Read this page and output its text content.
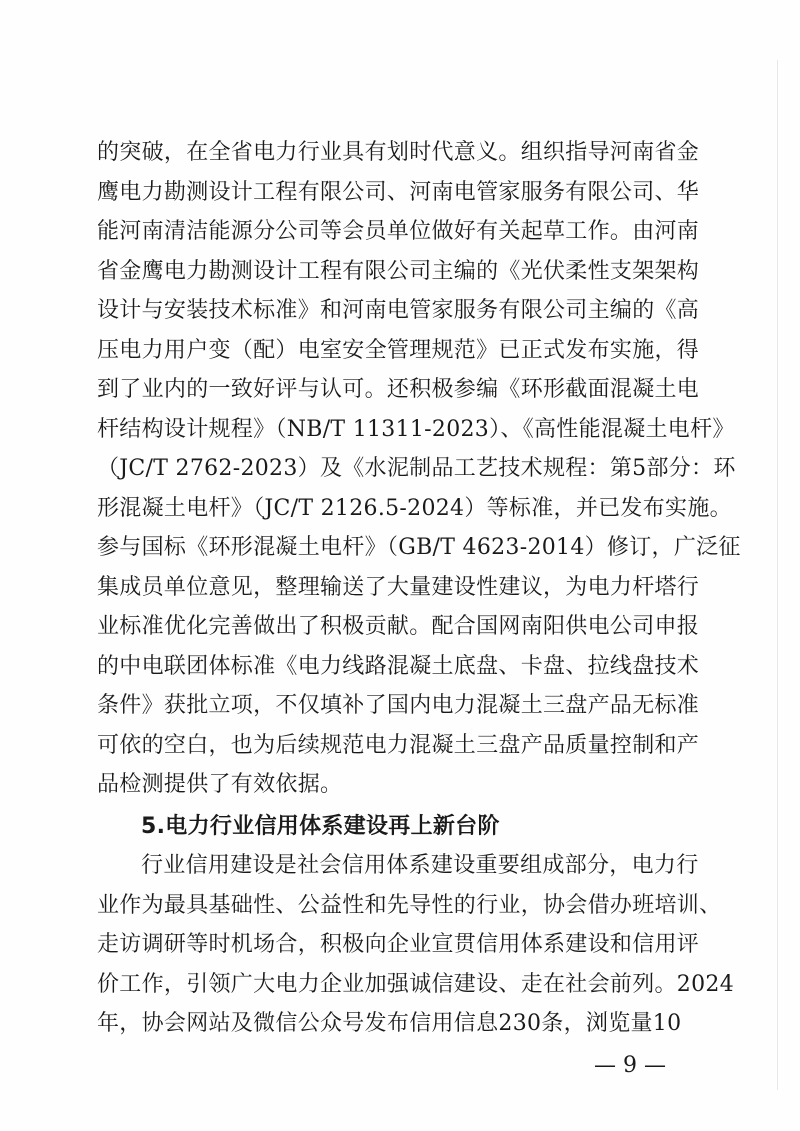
的突破，在全省电力行业具有划时代意义。组织指导河南省金
鹰电力勘测设计工程有限公司、河南电管家服务有限公司、华
能河南清洁能源分公司等会员单位做好有关起草工作。由河南
省金鹰电力勘测设计工程有限公司主编的《光伏柔性支架架构
设计与安装技术标准》和河南电管家服务有限公司主编的《高
压电力用户变（配）电室安全管理规范》已正式发布实施，得
到了业内的一致好评与认可。还积极参编《环形截面混凝土电
杆结构设计规程》（NB/T 11311-2023）、《高性能混凝土电杆》
（JC/T 2762-2023）及《水泥制品工艺技术规程：第5部分：环
形混凝土电杆》（JC/T 2126.5-2024）等标准，并已发布实施。
参与国标《环形混凝土电杆》（GB/T 4623-2014）修订，广泛征
集成员单位意见，整理输送了大量建设性建议，为电力杆塔行
业标准优化完善做出了积极贡献。配合国网南阳供电公司申报
的中电联团体标准《电力线路混凝土底盘、卡盘、拉线盘技术
条件》获批立项，不仅填补了国内电力混凝土三盘产品无标准
可依的空白，也为后续规范电力混凝土三盘产品质量控制和产
品检测提供了有效依据。
5.电力行业信用体系建设再上新台阶
行业信用建设是社会信用体系建设重要组成部分，电力行
业作为最具基础性、公益性和先导性的行业，协会借办班培训、
走访调研等时机场合，积极向企业宣贯信用体系建设和信用评
价工作，引领广大电力企业加强诚信建设、走在社会前列。2024
— 9 —
年，协会网站及微信公众号发布信用信息230条，浏览量10
